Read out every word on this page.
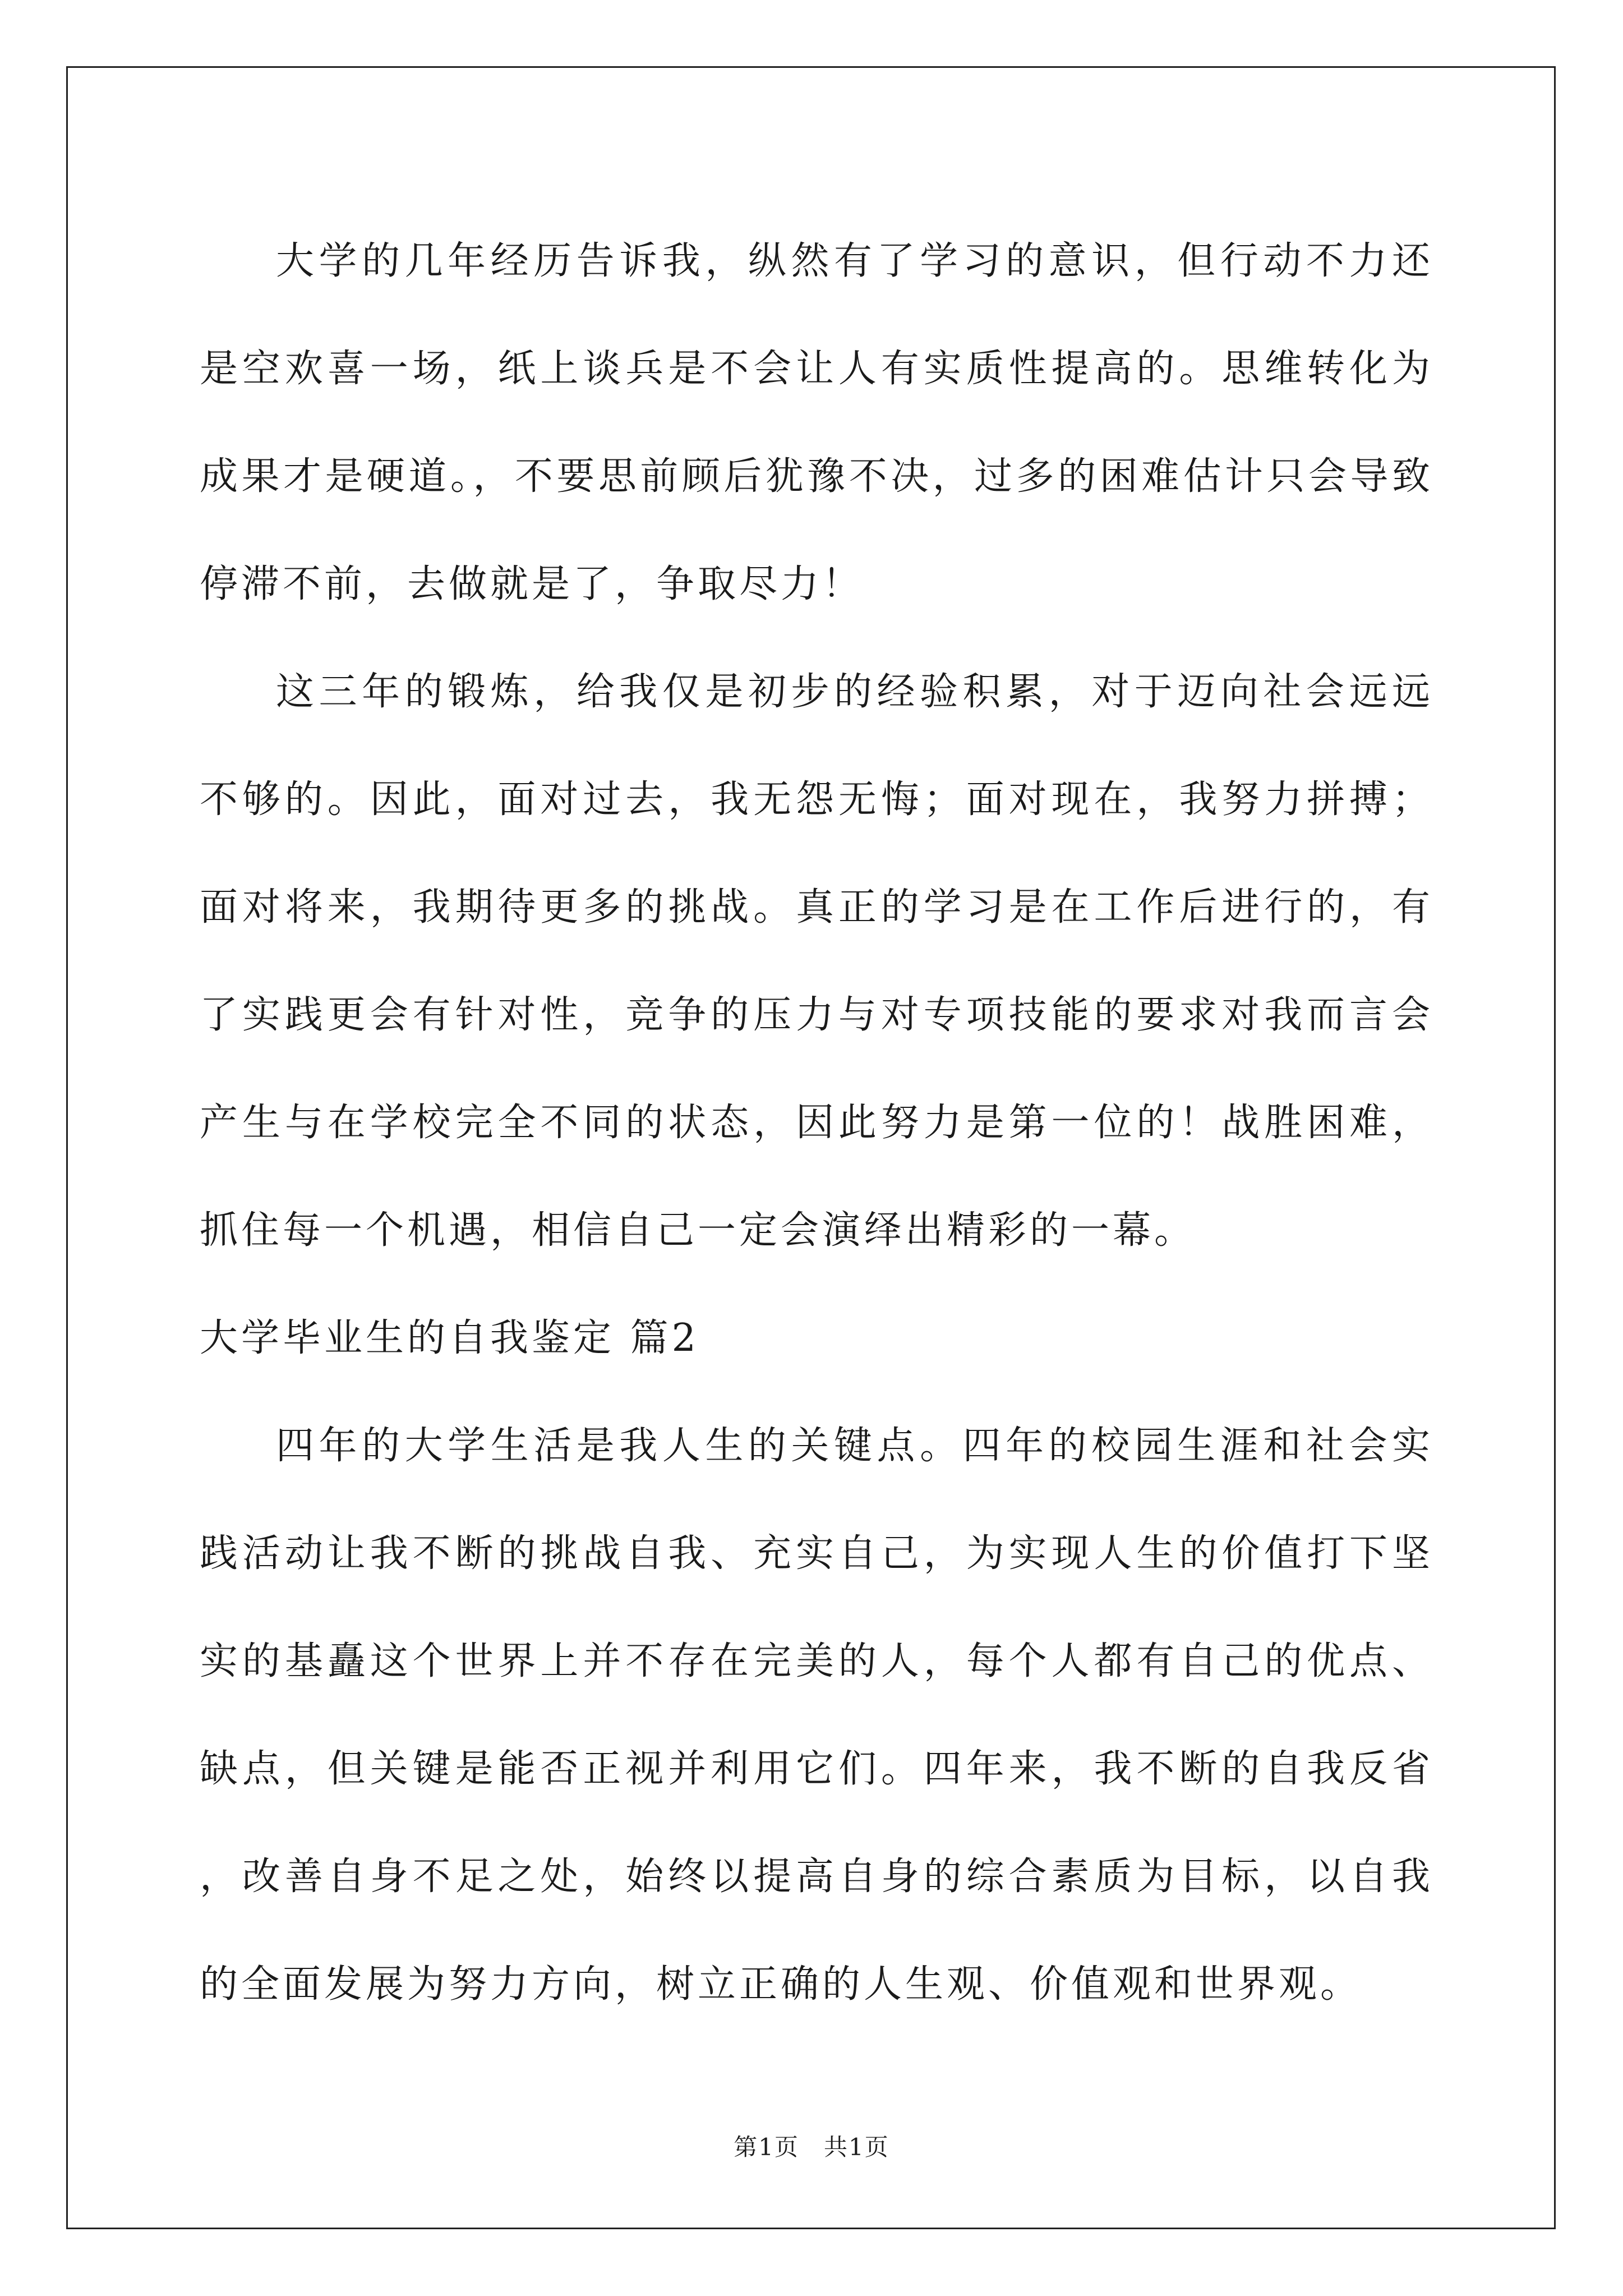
大学的几年经历告诉我，纵然有了学习的意识，但行动不力还是空欢喜一场，纸上谈兵是不会让人有实质性提高的。思维转化为成果才是硬道。，不要思前顾后犹豫不决，过多的困难估计只会导致停滞不前，去做就是了，争取尽力！

这三年的锻炼，给我仅是初步的经验积累，对于迈向社会远远不够的。因此，面对过去，我无怨无悔；面对现在，我努力拼搏；面对将来，我期待更多的挑战。真正的学习是在工作后进行的，有了实践更会有针对性，竞争的压力与对专项技能的要求对我而言会产生与在学校完全不同的状态，因此努力是第一位的！战胜困难，抓住每一个机遇，相信自己一定会演绎出精彩的一幕。

大学毕业生的自我鉴定 篇2

四年的大学生活是我人生的关键点。四年的校园生涯和社会实践活动让我不断的挑战自我、充实自己，为实现人生的价值打下坚实的基矗这个世界上并不存在完美的人，每个人都有自己的优点、缺点，但关键是能否正视并利用它们。四年来，我不断的自我反省，改善自身不足之处，始终以提高自身的综合素质为目标，以自我的全面发展为努力方向，树立正确的人生观、价值观和世界观。

第1页 共1页
